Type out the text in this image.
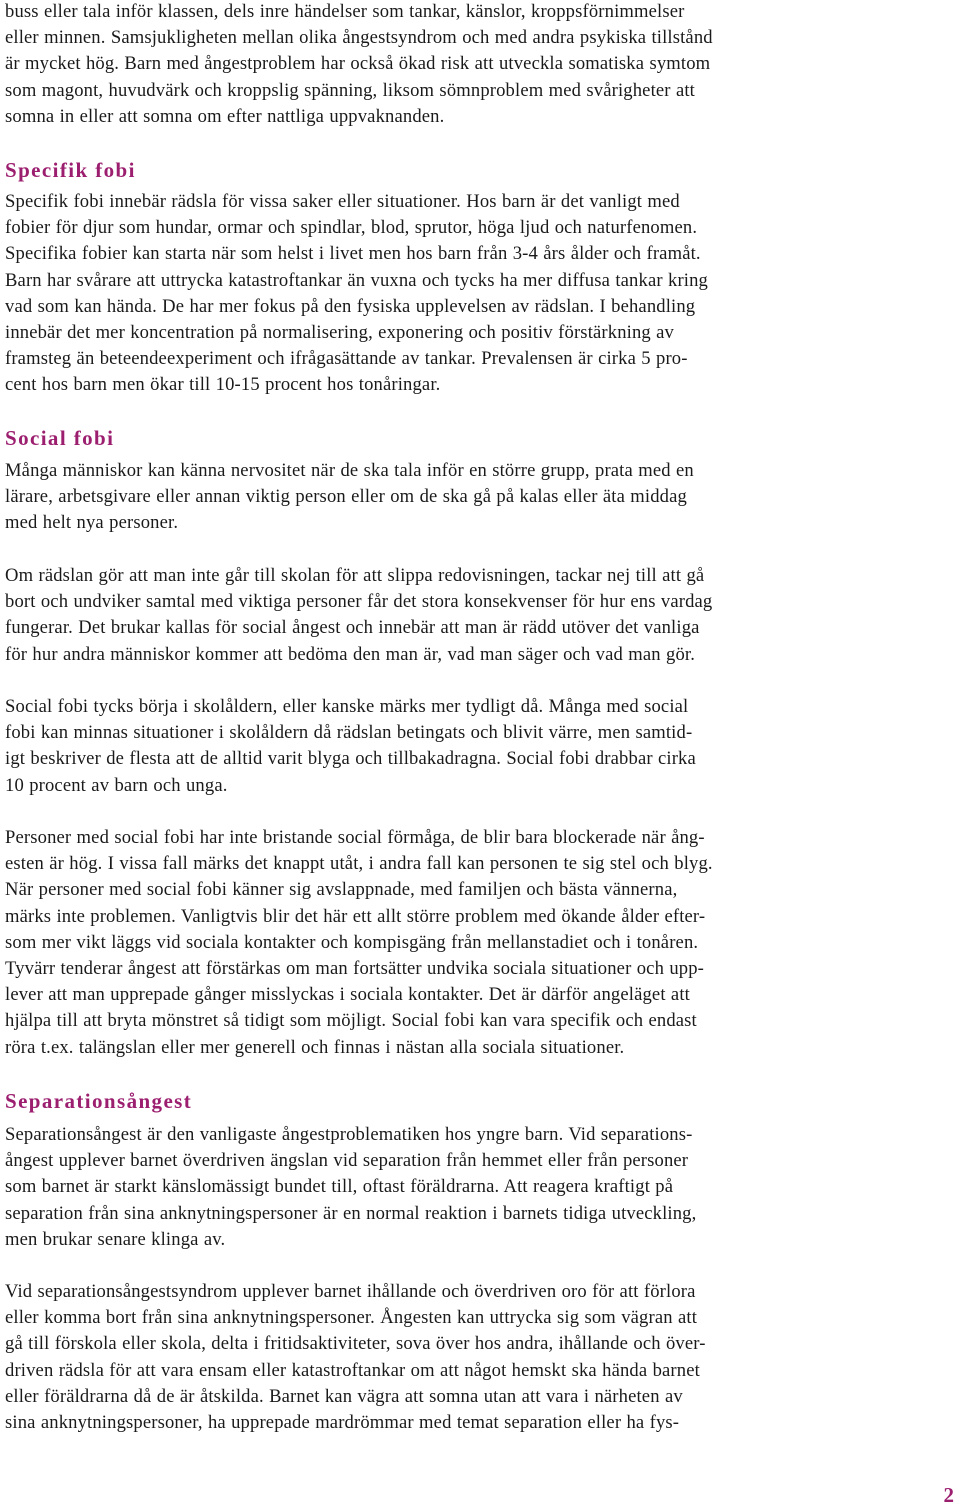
buss eller tala inför klassen, dels inre händelser som tankar, känslor, kroppsförnimmelser
eller minnen. Samsjukligheten mellan olika ångestsyndrom och med andra psykiska tillstånd
är mycket hög. Barn med ångestproblem har också ökad risk att utveckla somatiska symtom
som magont, huvudvärk och kroppslig spänning, liksom sömnproblem med svårigheter att
somna in eller att somna om efter nattliga uppvaknanden.
Specifik fobi
Specifik fobi innebär rädsla för vissa saker eller situationer. Hos barn är det vanligt med
fobier för djur som hundar, ormar och spindlar, blod, sprutor, höga ljud och naturfenomen.
Specifika fobier kan starta när som helst i livet men hos barn från 3-4 års ålder och framåt.
Barn har svårare att uttrycka katastroftankar än vuxna och tycks ha mer diffusa tankar kring
vad som kan hända. De har mer fokus på den fysiska upplevelsen av rädslan. I behandling
innebär det mer koncentration på normalisering, exponering och positiv förstärkning av
framsteg än beteendeexperiment och ifrågasättande av tankar. Prevalensen är cirka 5 pro-
cent hos barn men ökar till 10-15 procent hos tonåringar.
Social fobi
Många människor kan känna nervositet när de ska tala inför en större grupp, prata med en
lärare, arbetsgivare eller annan viktig person eller om de ska gå på kalas eller äta middag
med helt nya personer.
Om rädslan gör att man inte går till skolan för att slippa redovisningen, tackar nej till att gå
bort och undviker samtal med viktiga personer får det stora konsekvenser för hur ens vardag
fungerar. Det brukar kallas för social ångest och innebär att man är rädd utöver det vanliga
för hur andra människor kommer att bedöma den man är, vad man säger och vad man gör.
Social fobi tycks börja i skolåldern, eller kanske märks mer tydligt då. Många med social
fobi kan minnas situationer i skolåldern då rädslan betingats och blivit värre, men samtid-
igt beskriver de flesta att de alltid varit blyga och tillbakadragna. Social fobi drabbar cirka
10 procent av barn och unga.
Personer med social fobi har inte bristande social förmåga, de blir bara blockerade när ång-
esten är hög. I vissa fall märks det knappt utåt, i andra fall kan personen te sig stel och blyg.
När personer med social fobi känner sig avslappnade, med familjen och bästa vännerna,
märks inte problemen. Vanligtvis blir det här ett allt större problem med ökande ålder efter-
som mer vikt läggs vid sociala kontakter och kompisgäng från mellanstadiet och i tonåren.
Tyvärr tenderar ångest att förstärkas om man fortsätter undvika sociala situationer och upp-
lever att man upprepade gånger misslyckas i sociala kontakter. Det är därför angeläget att
hjälpa till att bryta mönstret så tidigt som möjligt. Social fobi kan vara specifik och endast
röra t.ex. talängslan eller mer generell och finnas i nästan alla sociala situationer.
Separationsångest
Separationsångest är den vanligaste ångestproblematiken hos yngre barn. Vid separations-
ångest upplever barnet överdriven ängslan vid separation från hemmet eller från personer
som barnet är starkt känslomässigt bundet till, oftast föräldrarna. Att reagera kraftigt på
separation från sina anknytningspersoner är en normal reaktion i barnets tidiga utveckling,
men brukar senare klinga av.
Vid separationsångestsyndrom upplever barnet ihållande och överdriven oro för att förlora
eller komma bort från sina anknytningspersoner. Ångesten kan uttrycka sig som vägran att
gå till förskola eller skola, delta i fritidsaktiviteter, sova över hos andra, ihållande och över-
driven rädsla för att vara ensam eller katastroftankar om att något hemskt ska hända barnet
eller föräldrarna då de är åtskilda. Barnet kan vägra att somna utan att vara i närheten av
sina anknytningspersoner, ha upprepade mardrömmar med temat separation eller ha fys-
2
